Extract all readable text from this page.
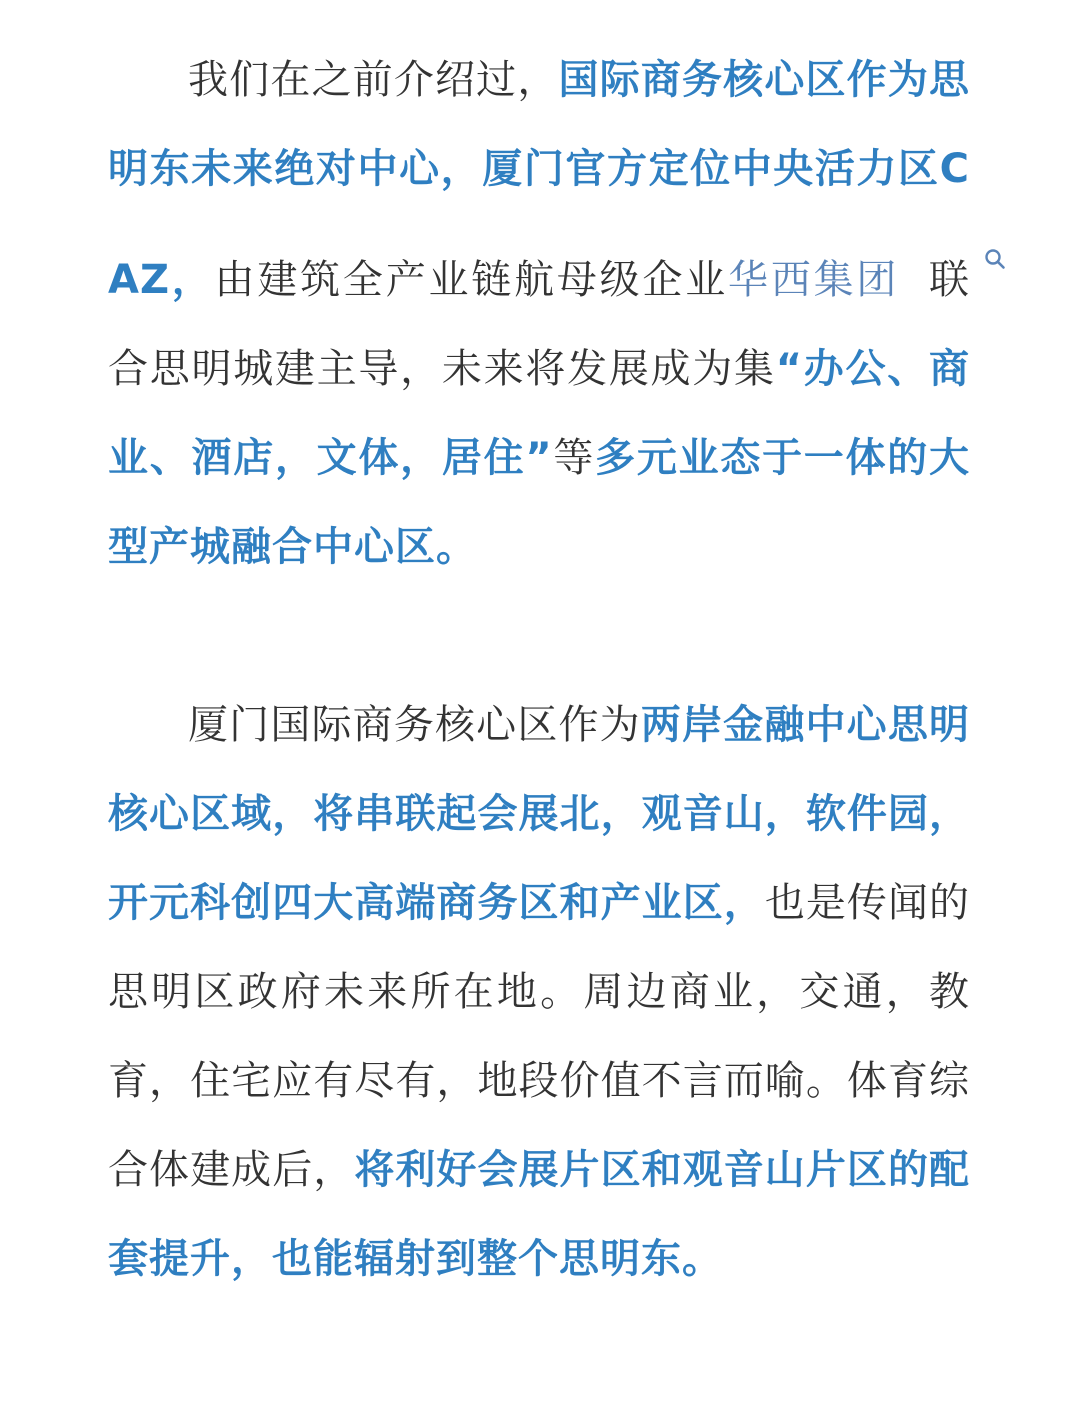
我们在之前介绍过，国际商务核心区作为思明东未来绝对中心，厦门官方定位中央活力区CAZ，由建筑全产业链航母级企业华西集团 联合思明城建主导，未来将发展成为集“办公、商业、酒店，文体，居住”等多元业态于一体的大型产城融合中心区。

厦门国际商务核心区作为两岸金融中心思明核心区域，将串联起会展北，观音山，软件园，开元科创四大高端商务区和产业区，也是传闻的思明区政府未来所在地。周边商业，交通，教育，住宅应有尽有，地段价值不言而喻。体育综合体建成后，将利好会展片区和观音山片区的配套提升，也能辐射到整个思明东。
